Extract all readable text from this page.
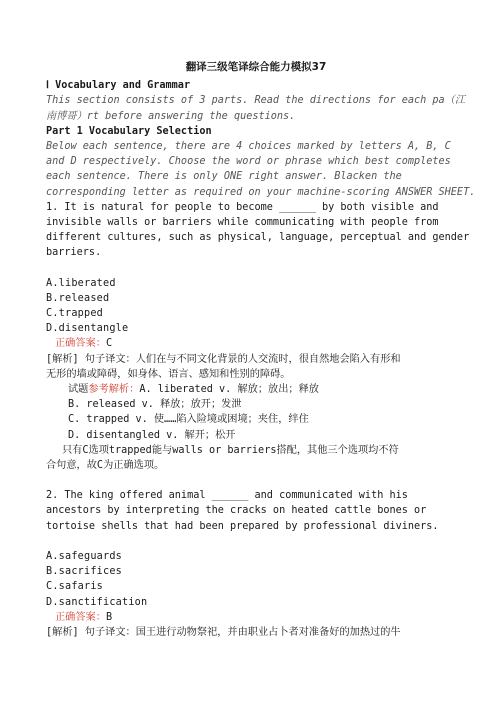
翻译三级笔译综合能力模拟37

Ⅰ Vocabulary and Grammar

This section consists of 3 parts. Read the directions for each pa（江

南博哥）rt before answering the questions.

Part 1 Vocabulary Selection

Below each sentence, there are 4 choices marked by letters A, B, C

and D respectively. Choose the word or phrase which best completes

each sentence. There is only ONE right answer. Blacken the

corresponding letter as required on your machine-scoring ANSWER SHEET.

1. It is natural for people to become ______ by both visible and

invisible walls or barriers while communicating with people from

different cultures, such as physical, language, perceptual and gender

barriers.

A.liberated

B.released

C.trapped

D.disentangle

正确答案：C

[解析] 句子译文：人们在与不同文化背景的人交流时，很自然地会陷入有形和

无形的墙或障碍，如身体、语言、感知和性别的障碍。

试题参考解析：A. liberated v. 解放；放出；释放

B. released v. 释放；放开；发泄

C. trapped v. 使……陷入险境或困境；夹住，绊住

D. disentangled v. 解开；松开

只有C选项trapped能与walls or barriers搭配，其他三个选项均不符

合句意，故C为正确选项。

2. The king offered animal ______ and communicated with his

ancestors by interpreting the cracks on heated cattle bones or

tortoise shells that had been prepared by professional diviners.

A.safeguards

B.sacrifices

C.safaris

D.sanctification

正确答案：B

[解析] 句子译文：国王进行动物祭祀，并由职业占卜者对准备好的加热过的牛
